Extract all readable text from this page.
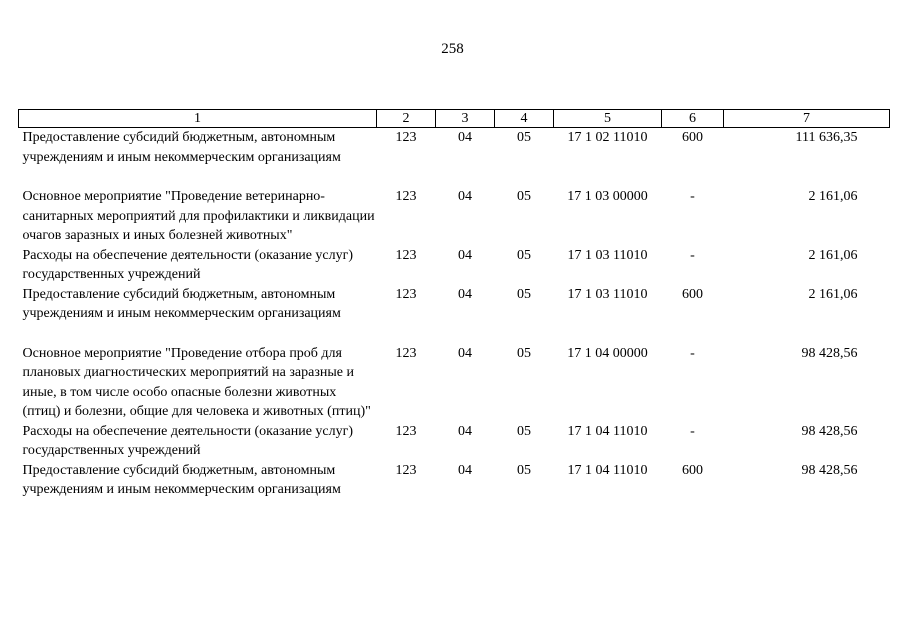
258
1	2	3	4	5	6	7
Предоставление субсидий бюджетным, автономным учреждениям и иным некоммерческим организациям	123	04	05	17 1 02 11010	600	111 636,35
Основное мероприятие "Проведение ветеринарно-санитарных мероприятий для профилактики и ликвидации очагов заразных и иных болезней животных"	123	04	05	17 1 03 00000	-	2 161,06
Расходы на обеспечение деятельности (оказание услуг) государственных учреждений	123	04	05	17 1 03 11010	-	2 161,06
Предоставление субсидий бюджетным, автономным учреждениям и иным некоммерческим организациям	123	04	05	17 1 03 11010	600	2 161,06
Основное мероприятие "Проведение отбора проб для плановых диагностических мероприятий на заразные и иные, в том числе особо опасные болезни животных (птиц) и болезни, общие для человека и животных (птиц)"	123	04	05	17 1 04 00000	-	98 428,56
Расходы на обеспечение деятельности (оказание услуг) государственных учреждений	123	04	05	17 1 04 11010	-	98 428,56
Предоставление субсидий бюджетным, автономным учреждениям и иным некоммерческим организациям	123	04	05	17 1 04 11010	600	98 428,56
